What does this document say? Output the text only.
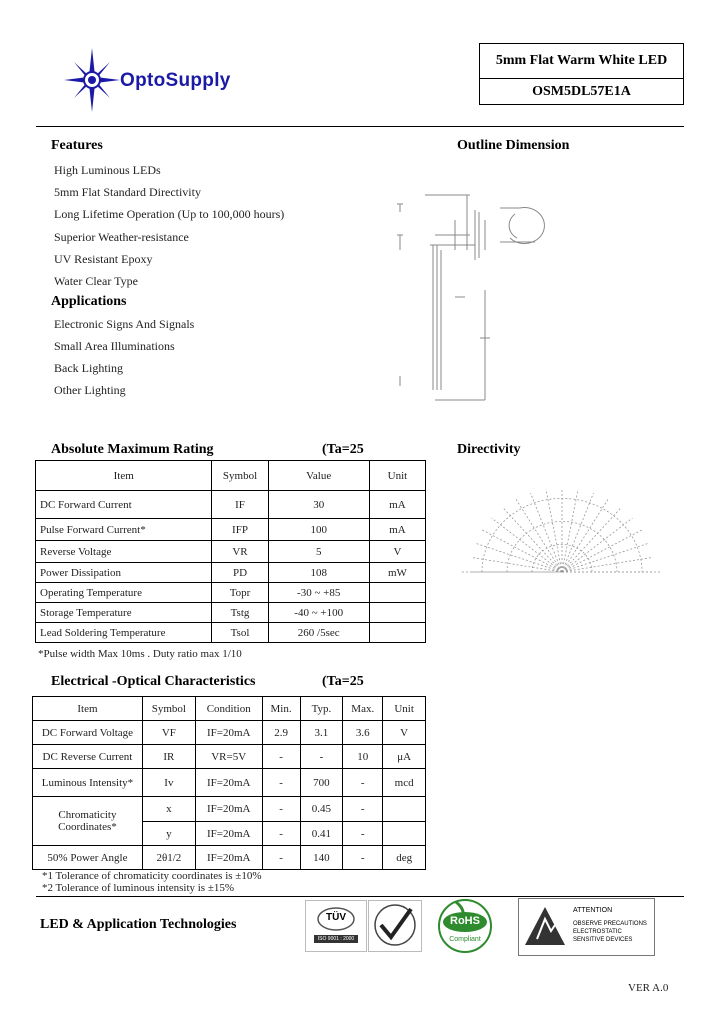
OptoSupply
5mm Flat Warm White LED
OSM5DL57E1A
Features
High Luminous LEDs
5mm Flat Standard Directivity
Long Lifetime Operation (Up to 100,000 hours)
Superior Weather-resistance
UV Resistant Epoxy
Water Clear Type
Applications
Electronic Signs And Signals
Small Area Illuminations
Back Lighting
Other Lighting
Outline Dimension
Absolute Maximum Rating	(Ta=25
Item	Symbol	Value	Unit
DC Forward Current	IF	30	mA
Pulse Forward Current*	IFP	100	mA
Reverse Voltage	VR	5	V
Power Dissipation	PD	108	mW
Operating Temperature	Topr	-30 ~ +85	
Storage Temperature	Tstg	-40 ~ +100	
Lead Soldering Temperature	Tsol	260 /5sec	
*Pulse width Max 10ms . Duty ratio max 1/10
Directivity
Electrical -Optical Characteristics	(Ta=25
Item	Symbol	Condition	Min.	Typ.	Max.	Unit
DC Forward Voltage	VF	IF=20mA	2.9	3.1	3.6	V
DC Reverse Current	IR	VR=5V	-	-	10	μA
Luminous Intensity*	Iv	IF=20mA	-	700	-	mcd
Chromaticity Coordinates*	x	IF=20mA	-	0.45	-	
	y	IF=20mA	-	0.41	-	
50% Power Angle	2θ1/2	IF=20mA	-	140	-	deg
*1 Tolerance of chromaticity coordinates is ±10%
*2 Tolerance of luminous intensity is ±15%
LED & Application Technologies	TÜV
ISO 9001 : 2000
RoHS
Compliant
ATTENTION
OBSERVE PRECAUTIONS
ELECTROSTATIC
SENSITIVE DEVICES
VER A.0
